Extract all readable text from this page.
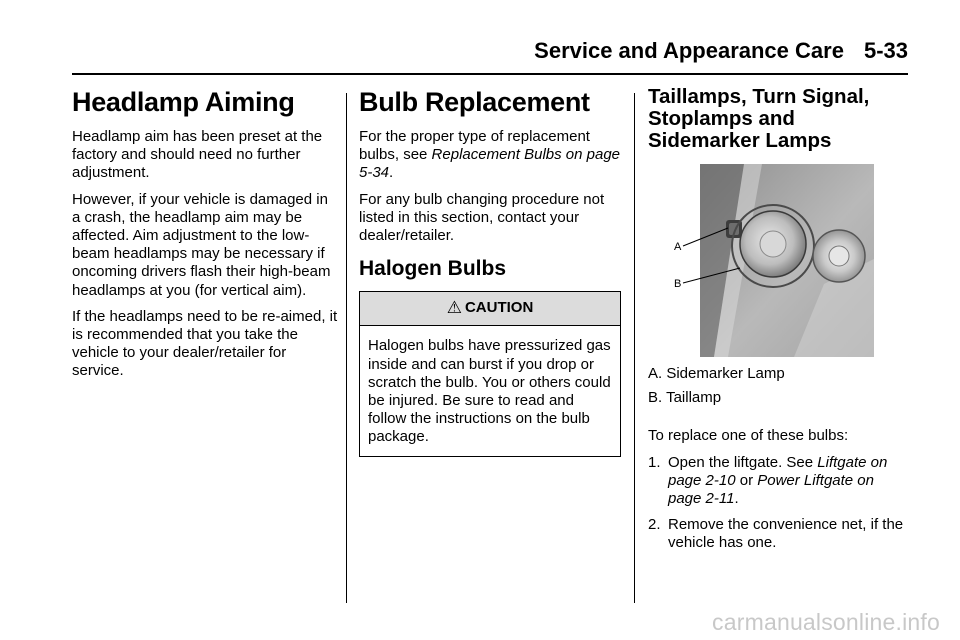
Service and Appearance Care 5-33
Headlamp Aiming

Headlamp aim has been preset at the factory and should need no further adjustment.

However, if your vehicle is damaged in a crash, the headlamp aim may be affected. Aim adjustment to the low-beam headlamps may be necessary if oncoming drivers flash their high-beam headlamps at you (for vertical aim).

If the headlamps need to be re-aimed, it is recommended that you take the vehicle to your dealer/retailer for service.

Bulb Replacement

For the proper type of replacement bulbs, see Replacement Bulbs on page 5-34.

For any bulb changing procedure not listed in this section, contact your dealer/retailer.

Halogen Bulbs
⚠ CAUTION
Halogen bulbs have pressurized gas inside and can burst if you drop or scratch the bulb. You or others could be injured. Be sure to read and follow the instructions on the bulb package.
Taillamps, Turn Signal, Stoplamps and Sidemarker Lamps
A
B

A. Sidemarker Lamp

B. Taillamp

To replace one of these bulbs:

1. Open the liftgate. See Liftgate on page 2-10 or Power Liftgate on page 2-11.
2. Remove the convenience net, if the vehicle has one.
carmanualsonline.info
